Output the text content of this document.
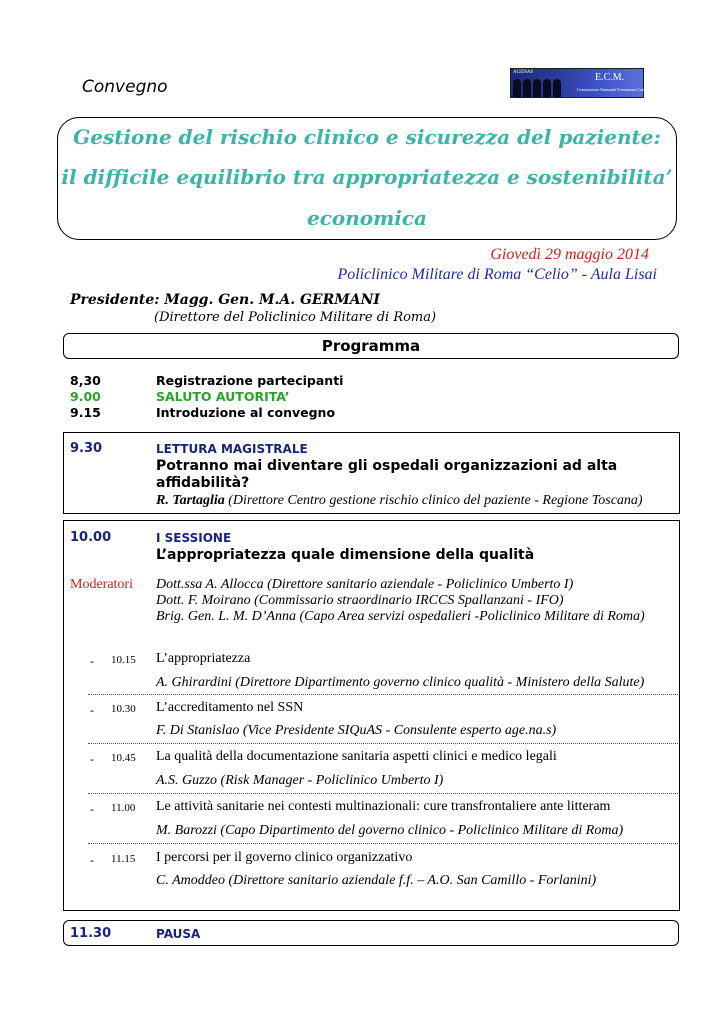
Convegno
AGENAS	E.C.M.
Commissione Nazionale Formazione Continua
Gestione del rischio clinico e sicurezza del paziente:
il difficile equilibrio tra appropriatezza e sostenibilita’
economica
Giovedì 29 maggio 2014
Policlinico Militare di Roma “Celio” - Aula Lisai
Presidente: Magg. Gen. M.A. GERMANI
(Direttore del Policlinico Militare di Roma)
Programma
8,30	Registrazione partecipanti
9.00	SALUTO AUTORITA’
9.15	Introduzione al convegno
9.30	LETTURA MAGISTRALE
Potranno mai diventare gli ospedali organizzazioni ad alta
affidabilità?
R. Tartaglia (Direttore Centro gestione rischio clinico del paziente - Regione Toscana)
10.00	I SESSIONE
L’appropriatezza quale dimensione della qualità
Moderatori Dott.ssa A. Allocca (Direttore sanitario aziendale - Policlinico Umberto I)
Dott. F. Moirano (Commissario straordinario IRCCS Spallanzani - IFO)
Brig. Gen. L. M. D’Anna (Capo Area servizi ospedalieri -Policlinico Militare di Roma)
- 10.15 L’appropriatezza
A. Ghirardini (Direttore Dipartimento governo clinico qualità - Ministero della Salute)
- 10.30 L’accreditamento nel SSN
F. Di Stanislao (Vice Presidente SIQuAS - Consulente esperto age.na.s)
- 10.45 La qualità della documentazione sanitaria aspetti clinici e medico legali
A.S. Guzzo (Risk Manager - Policlinico Umberto I)
- 11.00 Le attività sanitarie nei contesti multinazionali: cure transfrontaliere ante litteram
M. Barozzi (Capo Dipartimento del governo clinico - Policlinico Militare di Roma)
- 11.15 I percorsi per il governo clinico organizzativo
C. Amoddeo (Direttore sanitario aziendale f.f. – A.O. San Camillo - Forlanini)
11.30	PAUSA
